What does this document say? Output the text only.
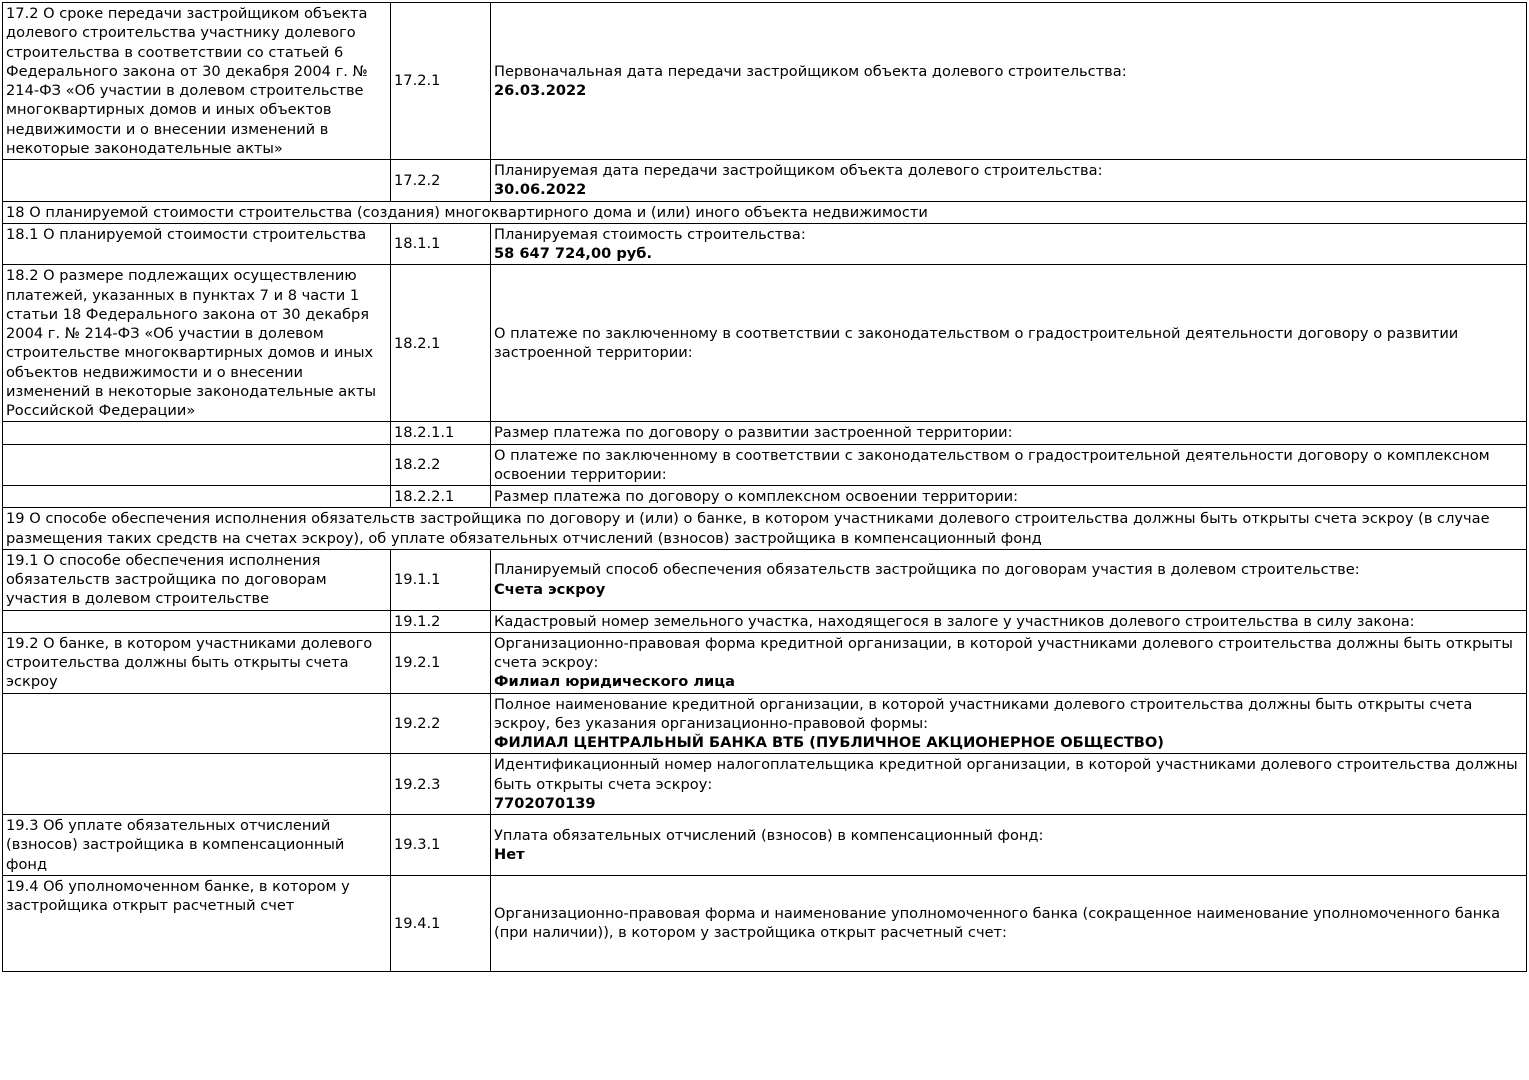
17.2 О сроке передачи застройщиком объекта долевого строительства участнику долевого строительства в соответствии со статьей 6 Федерального закона от 30 декабря 2004 г. № 214-ФЗ «Об участии в долевом строительстве многоквартирных домов и иных объектов недвижимости и о внесении изменений в некоторые законодательные акты»	17.2.1	Первоначальная дата передачи застройщиком объекта долевого строительства:
26.03.2022

	17.2.2	Планируемая дата передачи застройщиком объекта долевого строительства:
30.06.2022

18 О планируемой стоимости строительства (создания) многоквартирного дома и (или) иного объекта недвижимости		
18.1 О планируемой стоимости строительства	18.1.1	Планируемая стоимость строительства:
58 647 724,00 руб.

18.2 О размере подлежащих осуществлению платежей, указанных в пунктах 7 и 8 части 1 статьи 18 Федерального закона от 30 декабря 2004 г. № 214-ФЗ «Об участии в долевом строительстве многоквартирных домов и иных объектов недвижимости и о внесении изменений в некоторые законодательные акты Российской Федерации»	18.2.1	О платеже по заключенному в соответствии с законодательством о градостроительной деятельности договору о развитии застроенной территории:

	18.2.1.1	Размер платежа по договору о развитии застроенной территории:

	18.2.2	О платеже по заключенному в соответствии с законодательством о градостроительной деятельности договору о комплексном освоении территории:

	18.2.2.1	Размер платежа по договору о комплексном освоении территории:

19 О способе обеспечения исполнения обязательств застройщика по договору и (или) о банке, в котором участниками долевого строительства должны быть открыты счета эскроу (в случае размещения таких средств на счетах эскроу), об уплате обязательных отчислений (взносов) застройщика в компенсационный фонд		
19.1 О способе обеспечения исполнения обязательств застройщика по договорам участия в долевом строительстве	19.1.1	Планируемый способ обеспечения обязательств застройщика по договорам участия в долевом строительстве:
Счета эскроу

	19.1.2	Кадастровый номер земельного участка, находящегося в залоге у участников долевого строительства в силу закона:

19.2 О банке, в котором участниками долевого строительства должны быть открыты счета эскроу	19.2.1	Организационно-правовая форма кредитной организации, в которой участниками долевого строительства должны быть открыты счета эскроу:
Филиал юридического лица

	19.2.2	Полное наименование кредитной организации, в которой участниками долевого строительства должны быть открыты счета эскроу, без указания организационно-правовой формы:
ФИЛИАЛ ЦЕНТРАЛЬНЫЙ БАНКА ВТБ (ПУБЛИЧНОЕ АКЦИОНЕРНОЕ ОБЩЕСТВО)

	19.2.3	Идентификационный номер налогоплательщика кредитной организации, в которой участниками долевого строительства должны быть открыты счета эскроу:
7702070139

19.3 Об уплате обязательных отчислений (взносов) застройщика в компенсационный фонд	19.3.1	Уплата обязательных отчислений (взносов) в компенсационный фонд:
Нет

19.4 Об уполномоченном банке, в котором у застройщика открыт расчетный счет	19.4.1	Организационно-правовая форма и наименование уполномоченного банка (сокращенное наименование уполномоченного банка (при наличии)), в котором у застройщика открыт расчетный счет:
